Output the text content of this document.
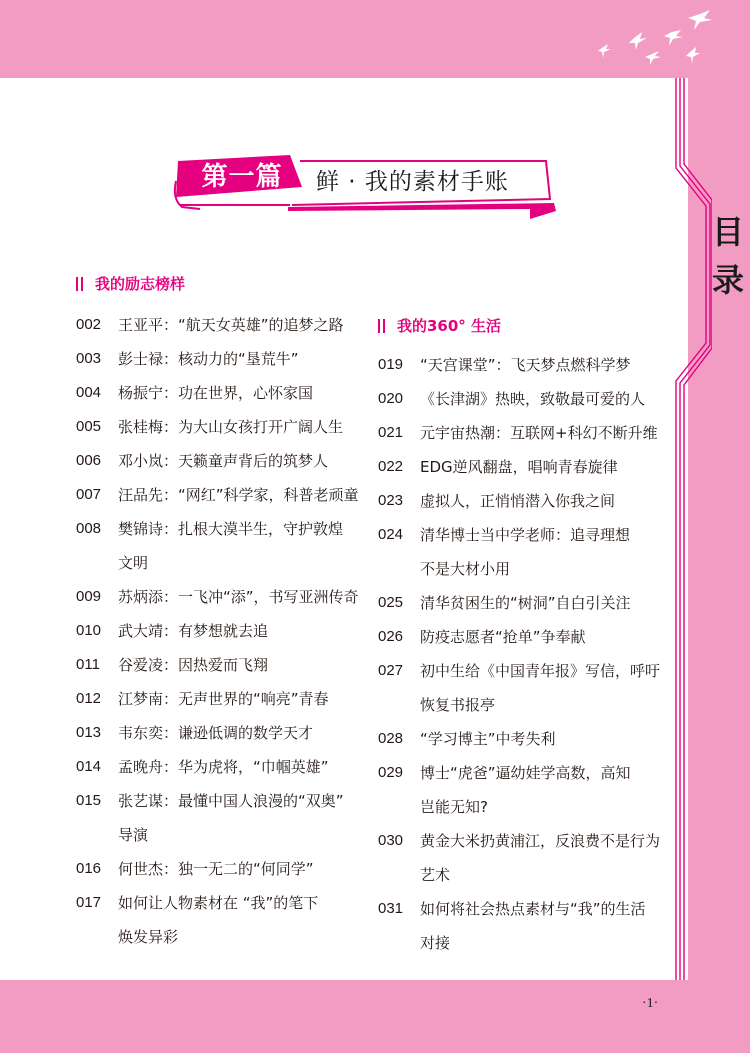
目录
第一篇	鲜 · 我的素材手账
我的励志榜样
002	王亚平：“航天女英雄”的追梦之路
003	彭士禄：核动力的“垦荒牛”
004	杨振宁：功在世界，心怀家国
005	张桂梅：为大山女孩打开广阔人生
006	邓小岚：天籁童声背后的筑梦人
007	汪品先：“网红”科学家，科普老顽童
008	樊锦诗：扎根大漠半生，守护敦煌
文明
009	苏炳添：一飞冲“添”，书写亚洲传奇
010	武大靖：有梦想就去追
011	谷爱凌：因热爱而飞翔
012	江梦南：无声世界的“响亮”青春
013	韦东奕：谦逊低调的数学天才
014	孟晚舟：华为虎将，“巾帼英雄”
015	张艺谋：最懂中国人浪漫的“双奥”
导演
016	何世杰：独一无二的“何同学”
017	如何让人物素材在 “我”的笔下
焕发异彩
我的360° 生活
019	“天宫课堂”：飞天梦点燃科学梦
020	《长津湖》热映，致敬最可爱的人
021	元宇宙热潮：互联网+科幻不断升维
022	EDG逆风翻盘，唱响青春旋律
023	虚拟人，正悄悄潜入你我之间
024	清华博士当中学老师：追寻理想
不是大材小用
025	清华贫困生的“树洞”自白引关注
026	防疫志愿者“抢单”争奉献
027	初中生给《中国青年报》写信，呼吁
恢复书报亭
028	“学习博主”中考失利
029	博士“虎爸”逼幼娃学高数，高知
岂能无知?
030	黄金大米扔黄浦江，反浪费不是行为
艺术
031	如何将社会热点素材与“我”的生活
对接
·1·
